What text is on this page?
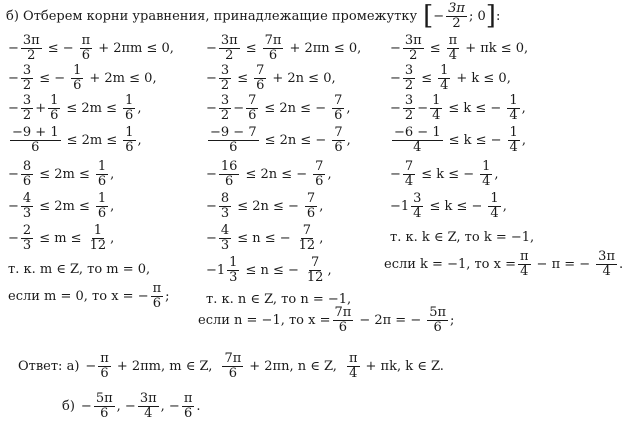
б) Отберем корни уравнения, принадлежащие промежутку [ − $\frac{3\pi}{2}$ ; 0 ] :
− $\frac{3\pi}{2}$ ≤ − $\frac{\pi}{6} + 2\pi m \le 0$,
− $\frac{3}{2}$ ≤ − $\frac{1}{6} + 2m \le 0$,
− $\frac{3}{2} + \frac{1}{6} \le 2m \le \frac{1}{6}$ ,
$\frac{-9 + 1}{6} \le 2m \le \frac{1}{6}$ ,
− $\frac{8}{6} \le 2m \le \frac{1}{6}$ ,
− $\frac{4}{3} \le 2m \le \frac{1}{6}$ ,
− $\frac{2}{3} \le m \le \frac{1}{12}$ ,
т. к. m ∈ Z, то m = 0,
если m = 0, то x = − $\frac{\pi}{6}$ ;
− $\frac{3\pi}{2} \le \frac{7\pi}{6} + 2\pi n \le 0$,
− $\frac{3}{2} \le \frac{7}{6} + 2n \le 0$,
− $\frac{3}{2} - \frac{7}{6} \le 2n$ ≤ − $\frac{7}{6}$ ,
$\frac{-9 - 7}{6} \le 2n$ ≤ − $\frac{7}{6}$ ,
− $\frac{16}{6} \le 2n$ ≤ − $\frac{7}{6}$ ,
− $\frac{8}{3} \le 2n$ ≤ − $\frac{7}{6}$ ,
− $\frac{4}{3} \le n$ ≤ − $\frac{7}{12}$ ,
$-1 \frac{1}{3} \le n$ ≤ − $\frac{7}{12}$ ,
т. к. n ∈ Z, то n = −1,
если n = −1, то $x = \frac{7\pi}{6} - 2\pi$ = − $\frac{5\pi}{6}$ ;
− $\frac{3\pi}{2} \le \frac{\pi}{4} + \pi k \le 0$,
− $\frac{3}{2} \le \frac{1}{4} + k \le 0$,
− $\frac{3}{2} - \frac{1}{4} \le k$ ≤ − $\frac{1}{4}$ ,
$\frac{-6 - 1}{4} \le k$ ≤ − $\frac{1}{4}$ ,
− $\frac{7}{4} \le k$ ≤ − $\frac{1}{4}$ ,
$-1 \frac{3}{4} \le k$ ≤ − $\frac{1}{4}$ ,
т. к. k ∈ Z, то k = −1,
если k = −1, то $x = \frac{\pi}{4} - \pi$ = − $\frac{3\pi}{4}$ .
Ответ: $а) - \frac{\pi}{6} + 2\pi m$, m ∈ Z, $\frac{7\pi}{6} + 2\pi n$, n ∈ Z, $\frac{\pi}{4} + \pi k$, k ∈ Z.
$б) - \frac{5\pi}{6}$ , − $\frac{3\pi}{4}$ , − $\frac{\pi}{6}$ .
